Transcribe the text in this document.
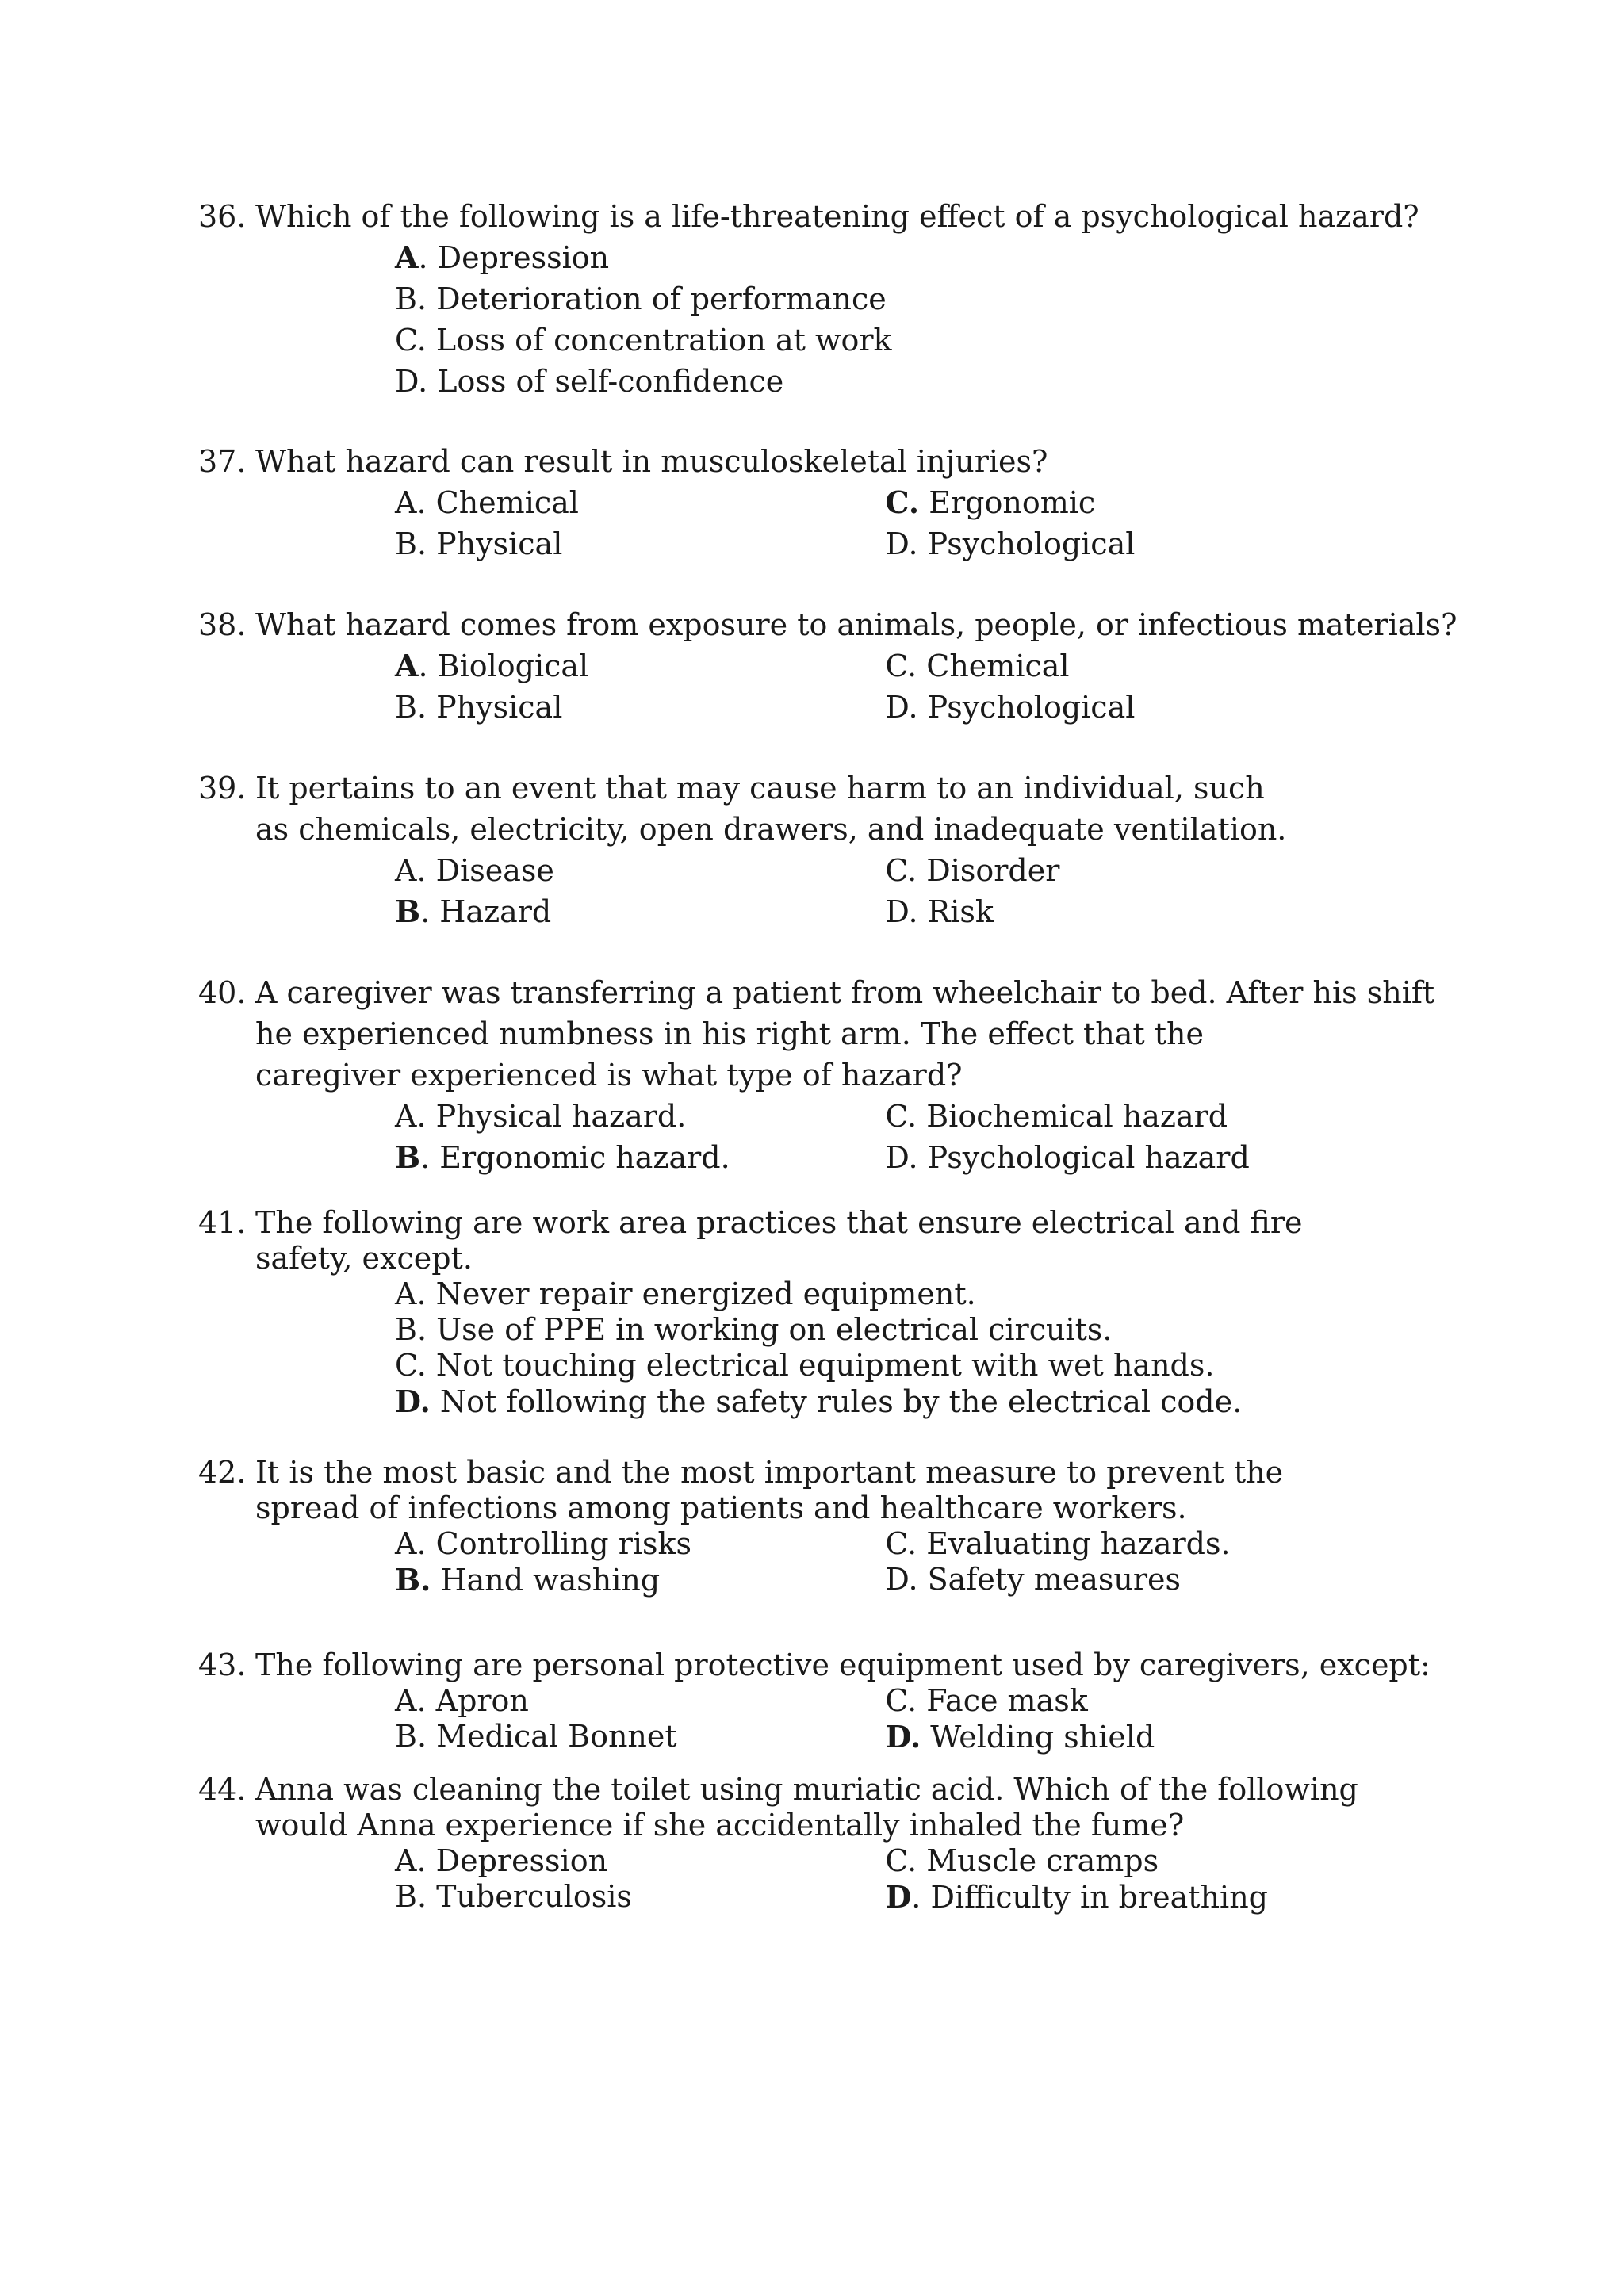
36. Which of the following is a life-threatening effect of a psychological hazard?
A. Depression
B. Deterioration of performance
C. Loss of concentration at work
D. Loss of self-confidence
37. What hazard can result in musculoskeletal injuries?
A. Chemical	C. Ergonomic
B. Physical	D. Psychological
38. What hazard comes from exposure to animals, people, or infectious materials?
A. Biological	C. Chemical
B. Physical	D. Psychological
39. It pertains to an event that may cause harm to an individual, such
as chemicals, electricity, open drawers, and inadequate ventilation.
A. Disease	C. Disorder
B. Hazard	D. Risk
40. A caregiver was transferring a patient from wheelchair to bed. After his shift
he experienced numbness in his right arm. The effect that the
caregiver experienced is what type of hazard?
A. Physical hazard.	C. Biochemical hazard
B. Ergonomic hazard.	D. Psychological hazard
41. The following are work area practices that ensure electrical and fire
safety, except.
A. Never repair energized equipment.
B. Use of PPE in working on electrical circuits.
C. Not touching electrical equipment with wet hands.
D. Not following the safety rules by the electrical code.
42. It is the most basic and the most important measure to prevent the
spread of infections among patients and healthcare workers.
A. Controlling risks	C. Evaluating hazards.
B. Hand washing	D. Safety measures
43. The following are personal protective equipment used by caregivers, except:
A. Apron	C. Face mask
B. Medical Bonnet	D. Welding shield
44. Anna was cleaning the toilet using muriatic acid. Which of the following
would Anna experience if she accidentally inhaled the fume?
A. Depression	C. Muscle cramps
B. Tuberculosis	D. Difficulty in breathing
